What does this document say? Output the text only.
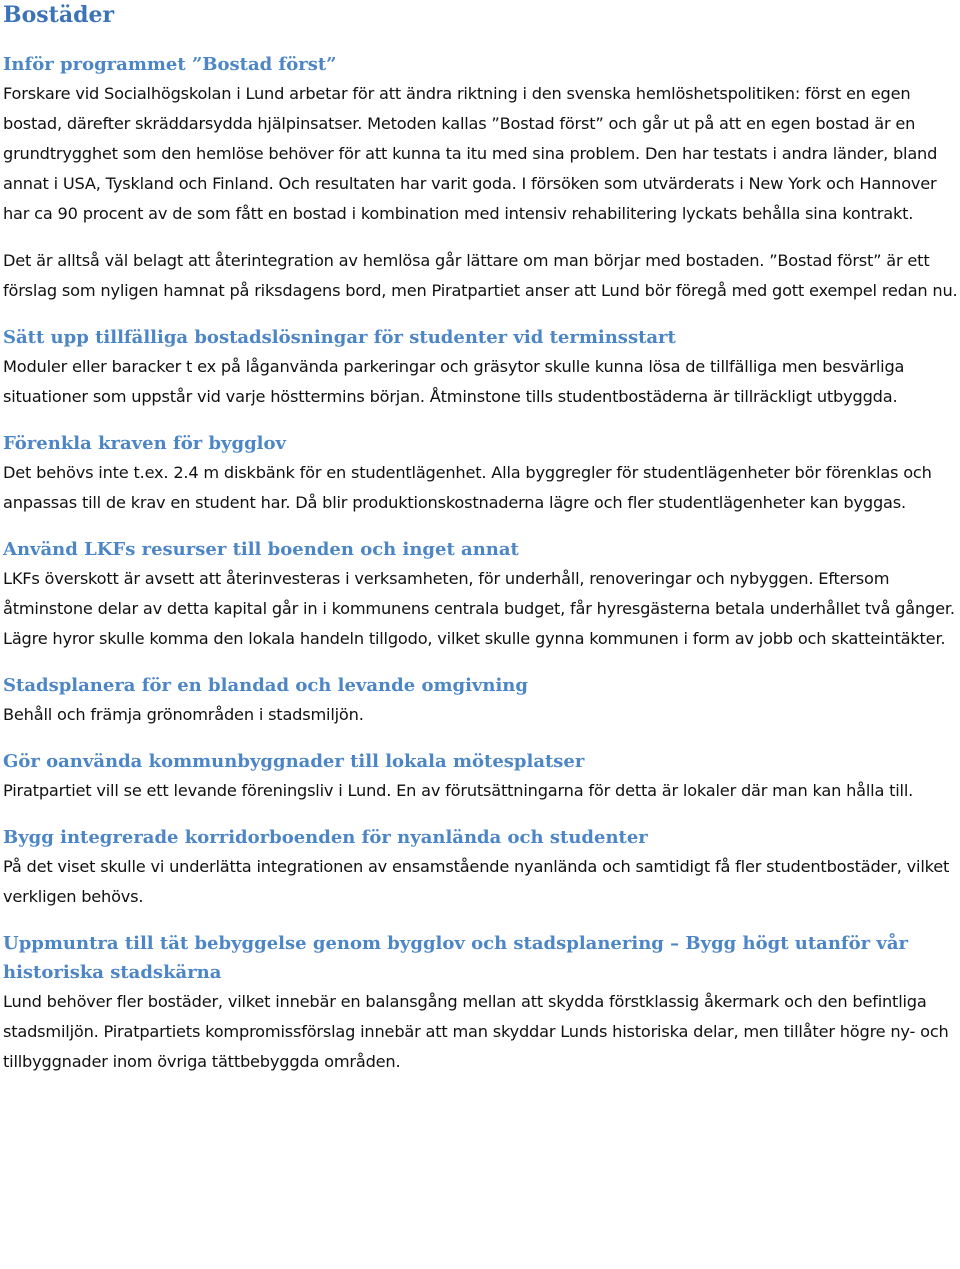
Bostäder
Inför programmet ”Bostad först”

Forskare vid Socialhögskolan i Lund arbetar för att ändra riktning i den svenska hemlöshetspolitiken: först en egen bostad, därefter skräddarsydda hjälpinsatser. Metoden kallas ”Bostad först” och går ut på att en egen bostad är en grundtrygghet som den hemlöse behöver för att kunna ta itu med sina problem. Den har testats i andra länder, bland annat i USA, Tyskland och Finland. Och resultaten har varit goda. I försöken som utvärderats i New York och Hannover har ca 90 procent av de som fått en bostad i kombination med intensiv rehabilitering lyckats behålla sina kontrakt.

Det är alltså väl belagt att återintegration av hemlösa går lättare om man börjar med bostaden. ”Bostad först” är ett förslag som nyligen hamnat på riksdagens bord, men Piratpartiet anser att Lund bör föregå med gott exempel redan nu.

Sätt upp tillfälliga bostadslösningar för studenter vid terminsstart

Moduler eller baracker t ex på låganvända parkeringar och gräsytor skulle kunna lösa de tillfälliga men besvärliga situationer som uppstår vid varje hösttermins början. Åtminstone tills studentbostäderna är tillräckligt utbyggda.

Förenkla kraven för bygglov

Det behövs inte t.ex. 2.4 m diskbänk för en studentlägenhet. Alla byggregler för studentlägenheter bör förenklas och anpassas till de krav en student har. Då blir produktionskostnaderna lägre och fler studentlägenheter kan byggas.

Använd LKFs resurser till boenden och inget annat

LKFs överskott är avsett att återinvesteras i verksamheten, för underhåll, renoveringar och nybyggen. Eftersom åtminstone delar av detta kapital går in i kommunens centrala budget, får hyresgästerna betala underhållet två gånger. Lägre hyror skulle komma den lokala handeln tillgodo, vilket skulle gynna kommunen i form av jobb och skatteintäkter.

Stadsplanera för en blandad och levande omgivning

Behåll och främja grönområden i stadsmiljön.

Gör oanvända kommunbyggnader till lokala mötesplatser

Piratpartiet vill se ett levande föreningsliv i Lund. En av förutsättningarna för detta är lokaler där man kan hålla till.

Bygg integrerade korridorboenden för nyanlända och studenter

På det viset skulle vi underlätta integrationen av ensamstående nyanlända och samtidigt få fler studentbostäder, vilket verkligen behövs.

Uppmuntra till tät bebyggelse genom bygglov och stadsplanering – Bygg högt utanför vår historiska stadskärna

Lund behöver fler bostäder, vilket innebär en balansgång mellan att skydda förstklassig åkermark och den befintliga stadsmiljön. Piratpartiets kompromissförslag innebär att man skyddar Lunds historiska delar, men tillåter högre ny- och tillbyggnader inom övriga tättbebyggda områden.
